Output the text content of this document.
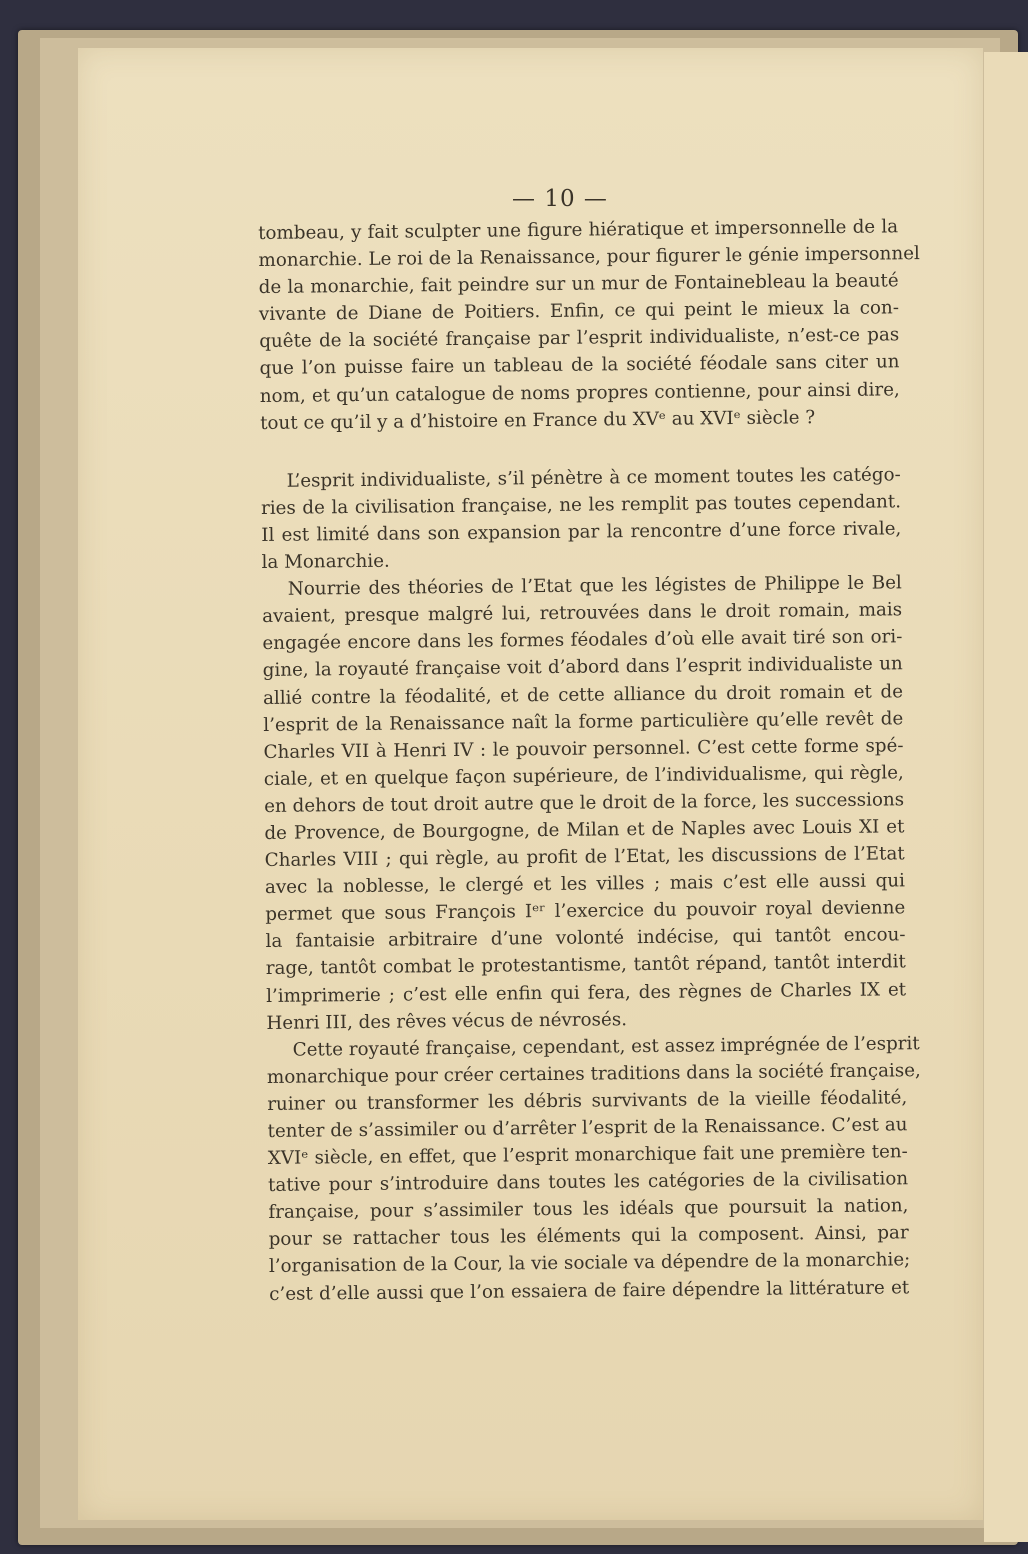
— 10 —
tombeau, y fait sculpter une figure hiératique et impersonnelle de la
monarchie. Le roi de la Renaissance, pour figurer le génie impersonnel
de la monarchie, fait peindre sur un mur de Fontainebleau la beauté
vivante de Diane de Poitiers. Enfin, ce qui peint le mieux la con-
quête de la société française par l’esprit individualiste, n’est-ce pas
que l’on puisse faire un tableau de la société féodale sans citer un
nom, et qu’un catalogue de noms propres contienne, pour ainsi dire,
tout ce qu’il y a d’histoire en France du XVᵉ au XVIᵉ siècle ?
L’esprit individualiste, s’il pénètre à ce moment toutes les catégo-
ries de la civilisation française, ne les remplit pas toutes cependant.
Il est limité dans son expansion par la rencontre d’une force rivale,
la Monarchie.
Nourrie des théories de l’Etat que les légistes de Philippe le Bel
avaient, presque malgré lui, retrouvées dans le droit romain, mais
engagée encore dans les formes féodales d’où elle avait tiré son ori-
gine, la royauté française voit d’abord dans l’esprit individualiste un
allié contre la féodalité, et de cette alliance du droit romain et de
l’esprit de la Renaissance naît la forme particulière qu’elle revêt de
Charles VII à Henri IV : le pouvoir personnel. C’est cette forme spé-
ciale, et en quelque façon supérieure, de l’individualisme, qui règle,
en dehors de tout droit autre que le droit de la force, les successions
de Provence, de Bourgogne, de Milan et de Naples avec Louis XI et
Charles VIII ; qui règle, au profit de l’Etat, les discussions de l’Etat
avec la noblesse, le clergé et les villes ; mais c’est elle aussi qui
permet que sous François Iᵉʳ l’exercice du pouvoir royal devienne
la fantaisie arbitraire d’une volonté indécise, qui tantôt encou-
rage, tantôt combat le protestantisme, tantôt répand, tantôt interdit
l’imprimerie ; c’est elle enfin qui fera, des règnes de Charles IX et
Henri III, des rêves vécus de névrosés.
Cette royauté française, cependant, est assez imprégnée de l’esprit
monarchique pour créer certaines traditions dans la société française,
ruiner ou transformer les débris survivants de la vieille féodalité,
tenter de s’assimiler ou d’arrêter l’esprit de la Renaissance. C’est au
XVIᵉ siècle, en effet, que l’esprit monarchique fait une première ten-
tative pour s’introduire dans toutes les catégories de la civilisation
française, pour s’assimiler tous les idéals que poursuit la nation,
pour se rattacher tous les éléments qui la composent. Ainsi, par
l’organisation de la Cour, la vie sociale va dépendre de la monarchie;
c’est d’elle aussi que l’on essaiera de faire dépendre la littérature et
